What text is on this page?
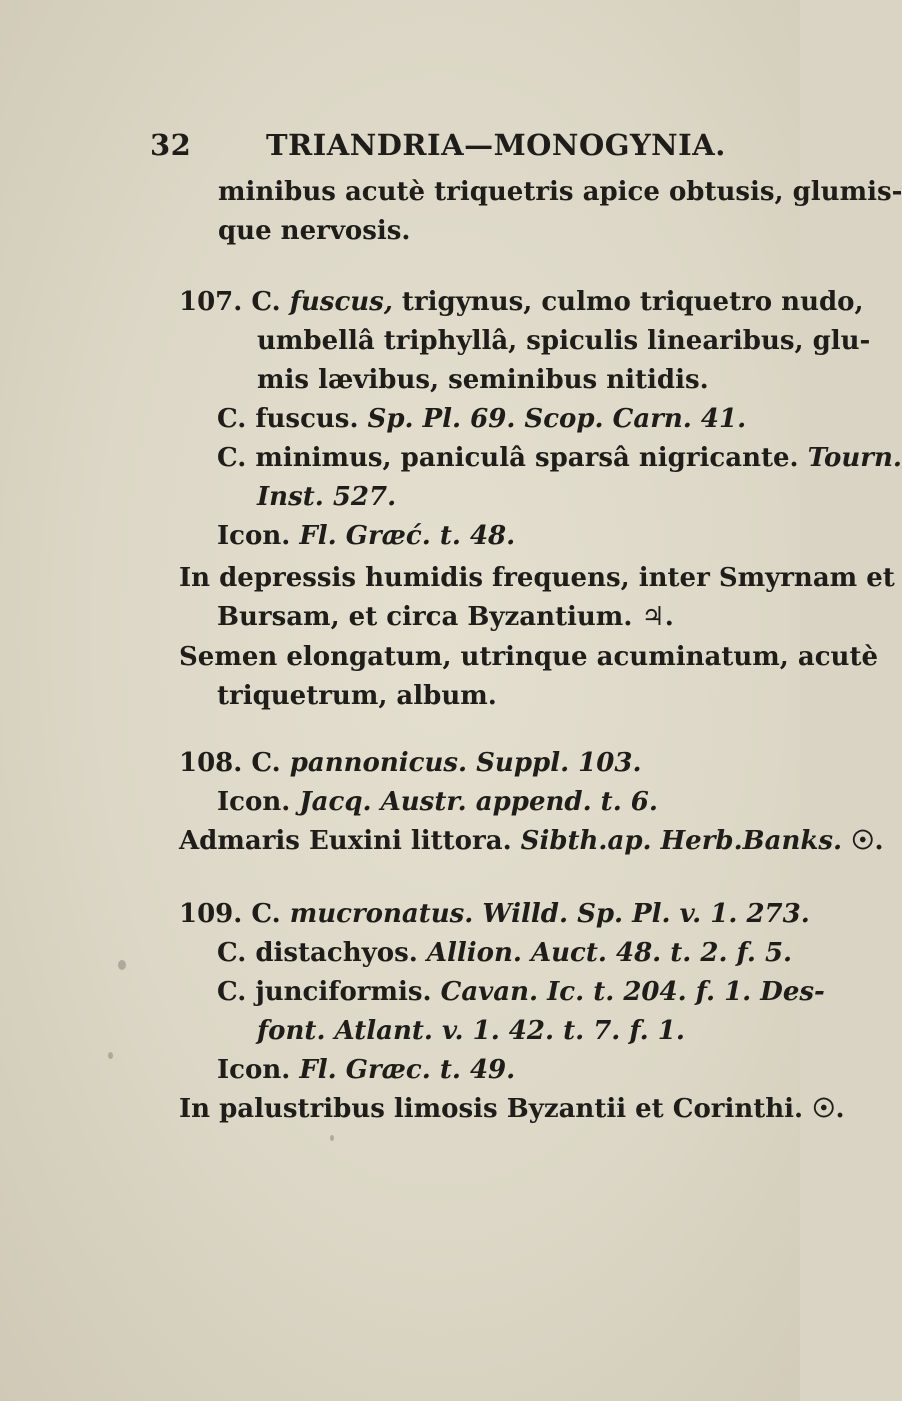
32	TRIANDRIA—MONOGYNIA.
minibus acutè triquetris apice obtusis, glumis-
que nervosis.
107. C. fuscus, trigynus, culmo triquetro nudo,
umbellâ triphyllâ, spiculis linearibus, glu-
mis lævibus, seminibus nitidis.
C. fuscus. Sp. Pl. 69. Scop. Carn. 41.
C. minimus, paniculâ sparsâ nigricante. Tourn.
Inst. 527.
Icon. Fl. Græć. t. 48.
In depressis humidis frequens, inter Smyrnam et
Bursam, et circa Byzantium. ♃.
Semen elongatum, utrinque acuminatum, acutè
triquetrum, album.
108. C. pannonicus. Suppl. 103.
Icon. Jacq. Austr. append. t. 6.
Admaris Euxini littora. Sibth.ap. Herb.Banks. ☉.
109. C. mucronatus. Willd. Sp. Pl. v. 1. 273.
C. distachyos. Allion. Auct. 48. t. 2. f. 5.
C. junciformis. Cavan. Ic. t. 204. f. 1. Des-
font. Atlant. v. 1. 42. t. 7. f. 1.
Icon. Fl. Græc. t. 49.
In palustribus limosis Byzantii et Corinthi. ☉.
